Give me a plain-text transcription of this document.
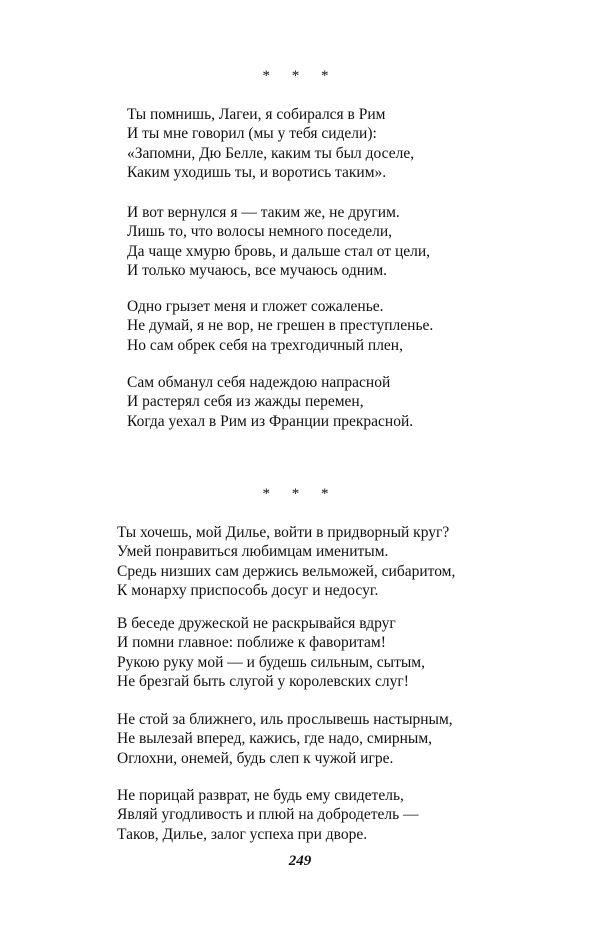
* * *
Ты помнишь, Лагеи, я собирался в Рим
И ты мне говорил (мы у тебя сидели):
«Запомни, Дю Белле, каким ты был доселе,
Каким уходишь ты, и воротись таким».
И вот вернулся я — таким же, не другим.
Лишь то, что волосы немного поседели,
Да чаще хмурю бровь, и дальше стал от цели,
И только мучаюсь, все мучаюсь одним.
Одно грызет меня и гложет сожаленье.
Не думай, я не вор, не грешен в преступленье.
Но сам обрек себя на трехгодичный плен,
Сам обманул себя надеждою напрасной
И растерял себя из жажды перемен,
Когда уехал в Рим из Франции прекрасной.
* * *
Ты хочешь, мой Дилье, войти в придворный круг?
Умей понравиться любимцам именитым.
Средь низших сам держись вельможей, сибаритом,
К монарху приспособь досуг и недосуг.
В беседе дружеской не раскрывайся вдруг
И помни главное: поближе к фаворитам!
Рукою руку мой — и будешь сильным, сытым,
Не брезгай быть слугой у королевских слуг!
Не стой за ближнего, иль прослывешь настырным,
Не вылезай вперед, кажись, где надо, смирным,
Оглохни, онемей, будь слеп к чужой игре.
Не порицай разврат, не будь ему свидетель,
Являй угодливость и плюй на добродетель —
Таков, Дилье, залог успеха при дворе.
249
